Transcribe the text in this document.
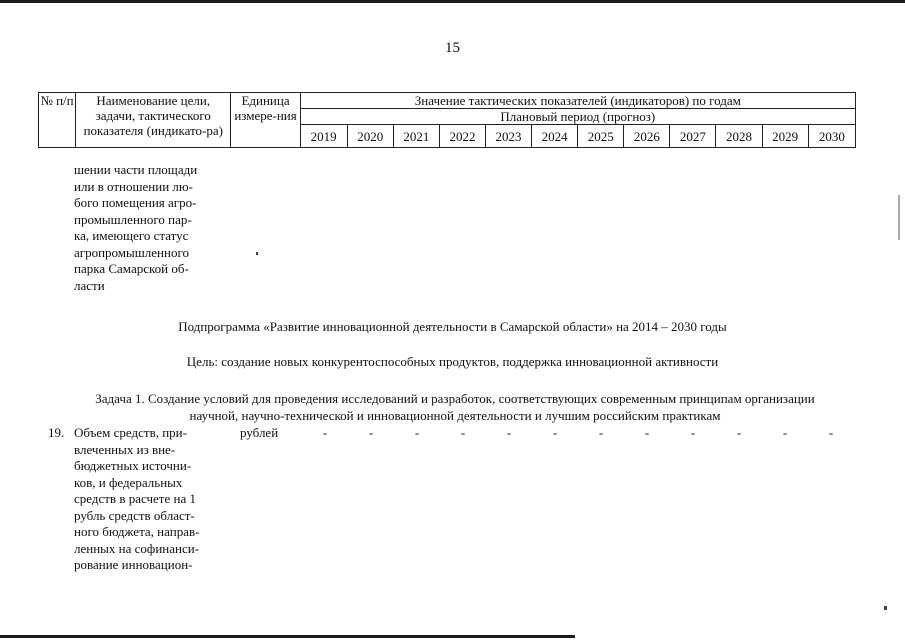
15
№ п/п	Наименование цели, задачи, тактического показателя (индикато-ра)	Единица измере-ния	Значение тактических показателей (индикаторов) по годам											
			Плановый период (прогноз)											
			2019	2020	2021	2022	2023	2024	2025	2026	2027	2028	2029	2030
шении части площади
или в отношении лю-
бого помещения агро-
промышленного пар-
ка, имеющего статус
агропромышленного
парка Самарской об-
ласти
Подпрограмма «Развитие инновационной деятельности в Самарской области» на 2014 – 2030 годы
Цель: создание новых конкурентоспособных продуктов, поддержка инновационной активности
Задача 1. Создание условий для проведения исследований и разработок, соответствующих современным принципам организации научной, научно-технической и инновационной деятельности и лучшим российским практикам
19. Объем средств, при-
влеченных из вне-
бюджетных источни-
ков, и федеральных
средств в расчете на 1
рубль средств област-
ного бюджета, направ-
ленных на софинанси-
рование инновацион-
рублей	-	-	-	-	-	-	-	-	-	-	-	-
